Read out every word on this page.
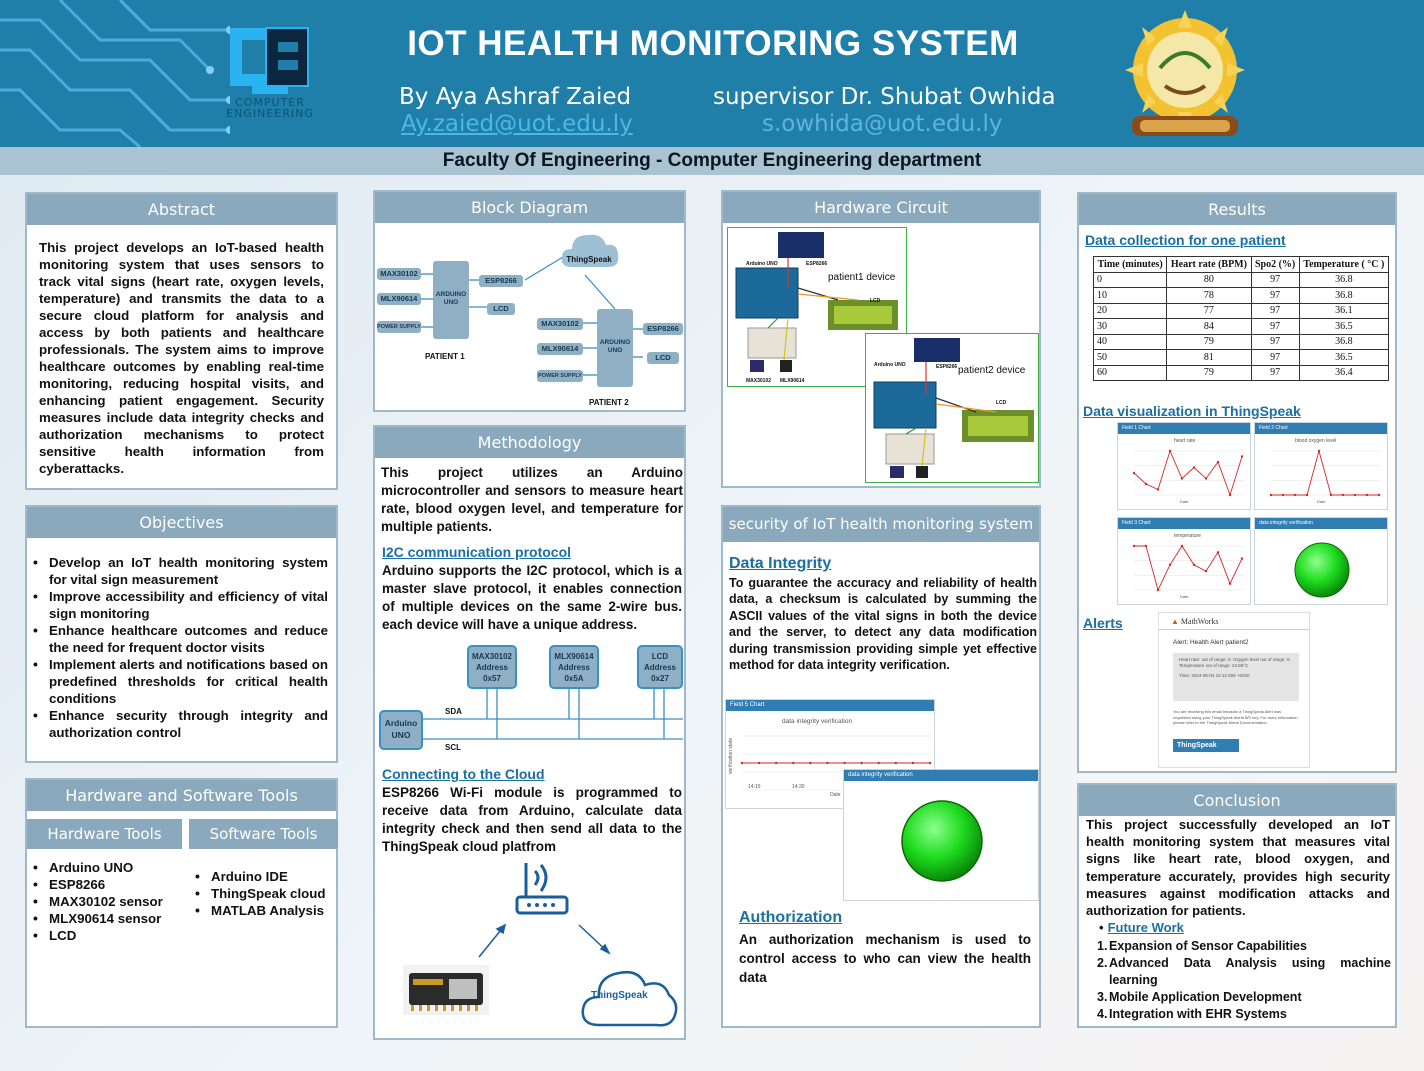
COMPUTER ENGINEERING
IOT HEALTH MONITORING SYSTEM
By Aya Ashraf Zaied
Ay.zaied@uot.edu.ly
supervisor Dr. Shubat Owhida
s.owhida@uot.edu.ly
Faculty Of Engineering - Computer Engineering department
Abstract
This project develops an IoT-based health monitoring system that uses sensors to track vital signs (heart rate, oxygen levels, temperature) and transmits the data to a secure cloud platform for analysis and access by both patients and healthcare professionals. The system aims to improve healthcare outcomes by enabling real-time monitoring, reducing hospital visits, and enhancing patient engagement. Security measures include data integrity checks and authorization mechanisms to protect sensitive health information from cyberattacks.
Objectives
• Develop an IoT health monitoring system for vital sign measurement
• Improve accessibility and efficiency of vital sign monitoring
• Enhance healthcare outcomes and reduce the need for frequent doctor visits
• Implement alerts and notifications based on predefined thresholds for critical health conditions
• Enhance security through integrity and authorization control
Hardware and Software Tools
Hardware Tools	Software Tools
• Arduino UNO
• ESP8266
• MAX30102 sensor
• MLX90614 sensor
• LCD
• Arduino IDE
• ThingSpeak cloud
• MATLAB Analysis
Block Diagram
ThingSpeak
MAX30102
MLX90614
POWER SUPPLY
ARDUINO UNO
ESP8266
LCD
PATIENT 1
MAX30102
MLX90614
POWER SUPPLY
ARDUINO UNO
ESP8266
LCD
PATIENT 2
Methodology
This project utilizes an Arduino microcontroller and sensors to measure heart rate, blood oxygen level, and temperature for multiple patients.
I2C communication protocol
Arduino supports the I2C protocol, which is a master slave protocol, it enables connection of multiple devices on the same 2-wire bus. each device will have a unique address.
Arduino UNO
SDA
SCL
MAX30102
Address
0x57
MLX90614
Address
0x5A
LCD
Address
0x27
Connecting to the Cloud
ESP8266 Wi-Fi module is programmed to receive data from Arduino, calculate data integrity check and then send all data to the ThingSpeak cloud platfrom
ThingSpeak
Hardware Circuit
Arduino UNO	ESP8266
LCD
MAX30102 MLX90614
patient1 device
Arduino UNO	ESP8266
LCD
patient2 device
security of IoT health monitoring system
Data Integrity
To guarantee the accuracy and reliability of health data, a checksum is calculated by summing the ASCII values of the vital signs in both the device and the server, to detect any data modification during transmission providing simple yet effective method for data integrity verification.
Field 5 Chart
data integrity verification
verification state
14:15	14:30
Date
data integrity verification
Authorization
An authorization mechanism is used to control access to who can view the health data
Results
Data collection for one patient
Time (minutes)	Heart rate (BPM)	Spo2 (%)	Temperature ( °C )
0	80	97	36.8
10	78	97	36.8
20	77	97	36.1
30	84	97	36.5
40	79	97	36.8
50	81	97	36.5
60	79	97	36.4
Data visualization in ThingSpeak
Field 1 Chart
heart rate
Date
Field 2 Chart
blood oxygen level
Date
Field 3 Chart
temperature
Date
data integrity verification
Alerts	▲ MathWorks
Alert: Health Alert patient2
Heart rate: out of range: 0. Oxygen level out of range: 0. Temperature out of range: 24.59°C
Time: 2024-06-04 15:12:459 +0200
You are receiving this email because a ThingSpeak Alert was requested using your ThingSpeak Alerts API key. For more information please refer to the ThingSpeak Alerts Documentation.
ThingSpeak
Conclusion
This project successfully developed an IoT health monitoring system that measures vital signs like heart rate, blood oxygen, and temperature accurately, provides high security measures against modification attacks and authorization for patients.
• Future Work
1. Expansion of Sensor Capabilities
2. Advanced Data Analysis using machine learning
3. Mobile Application Development
4. Integration with EHR Systems
